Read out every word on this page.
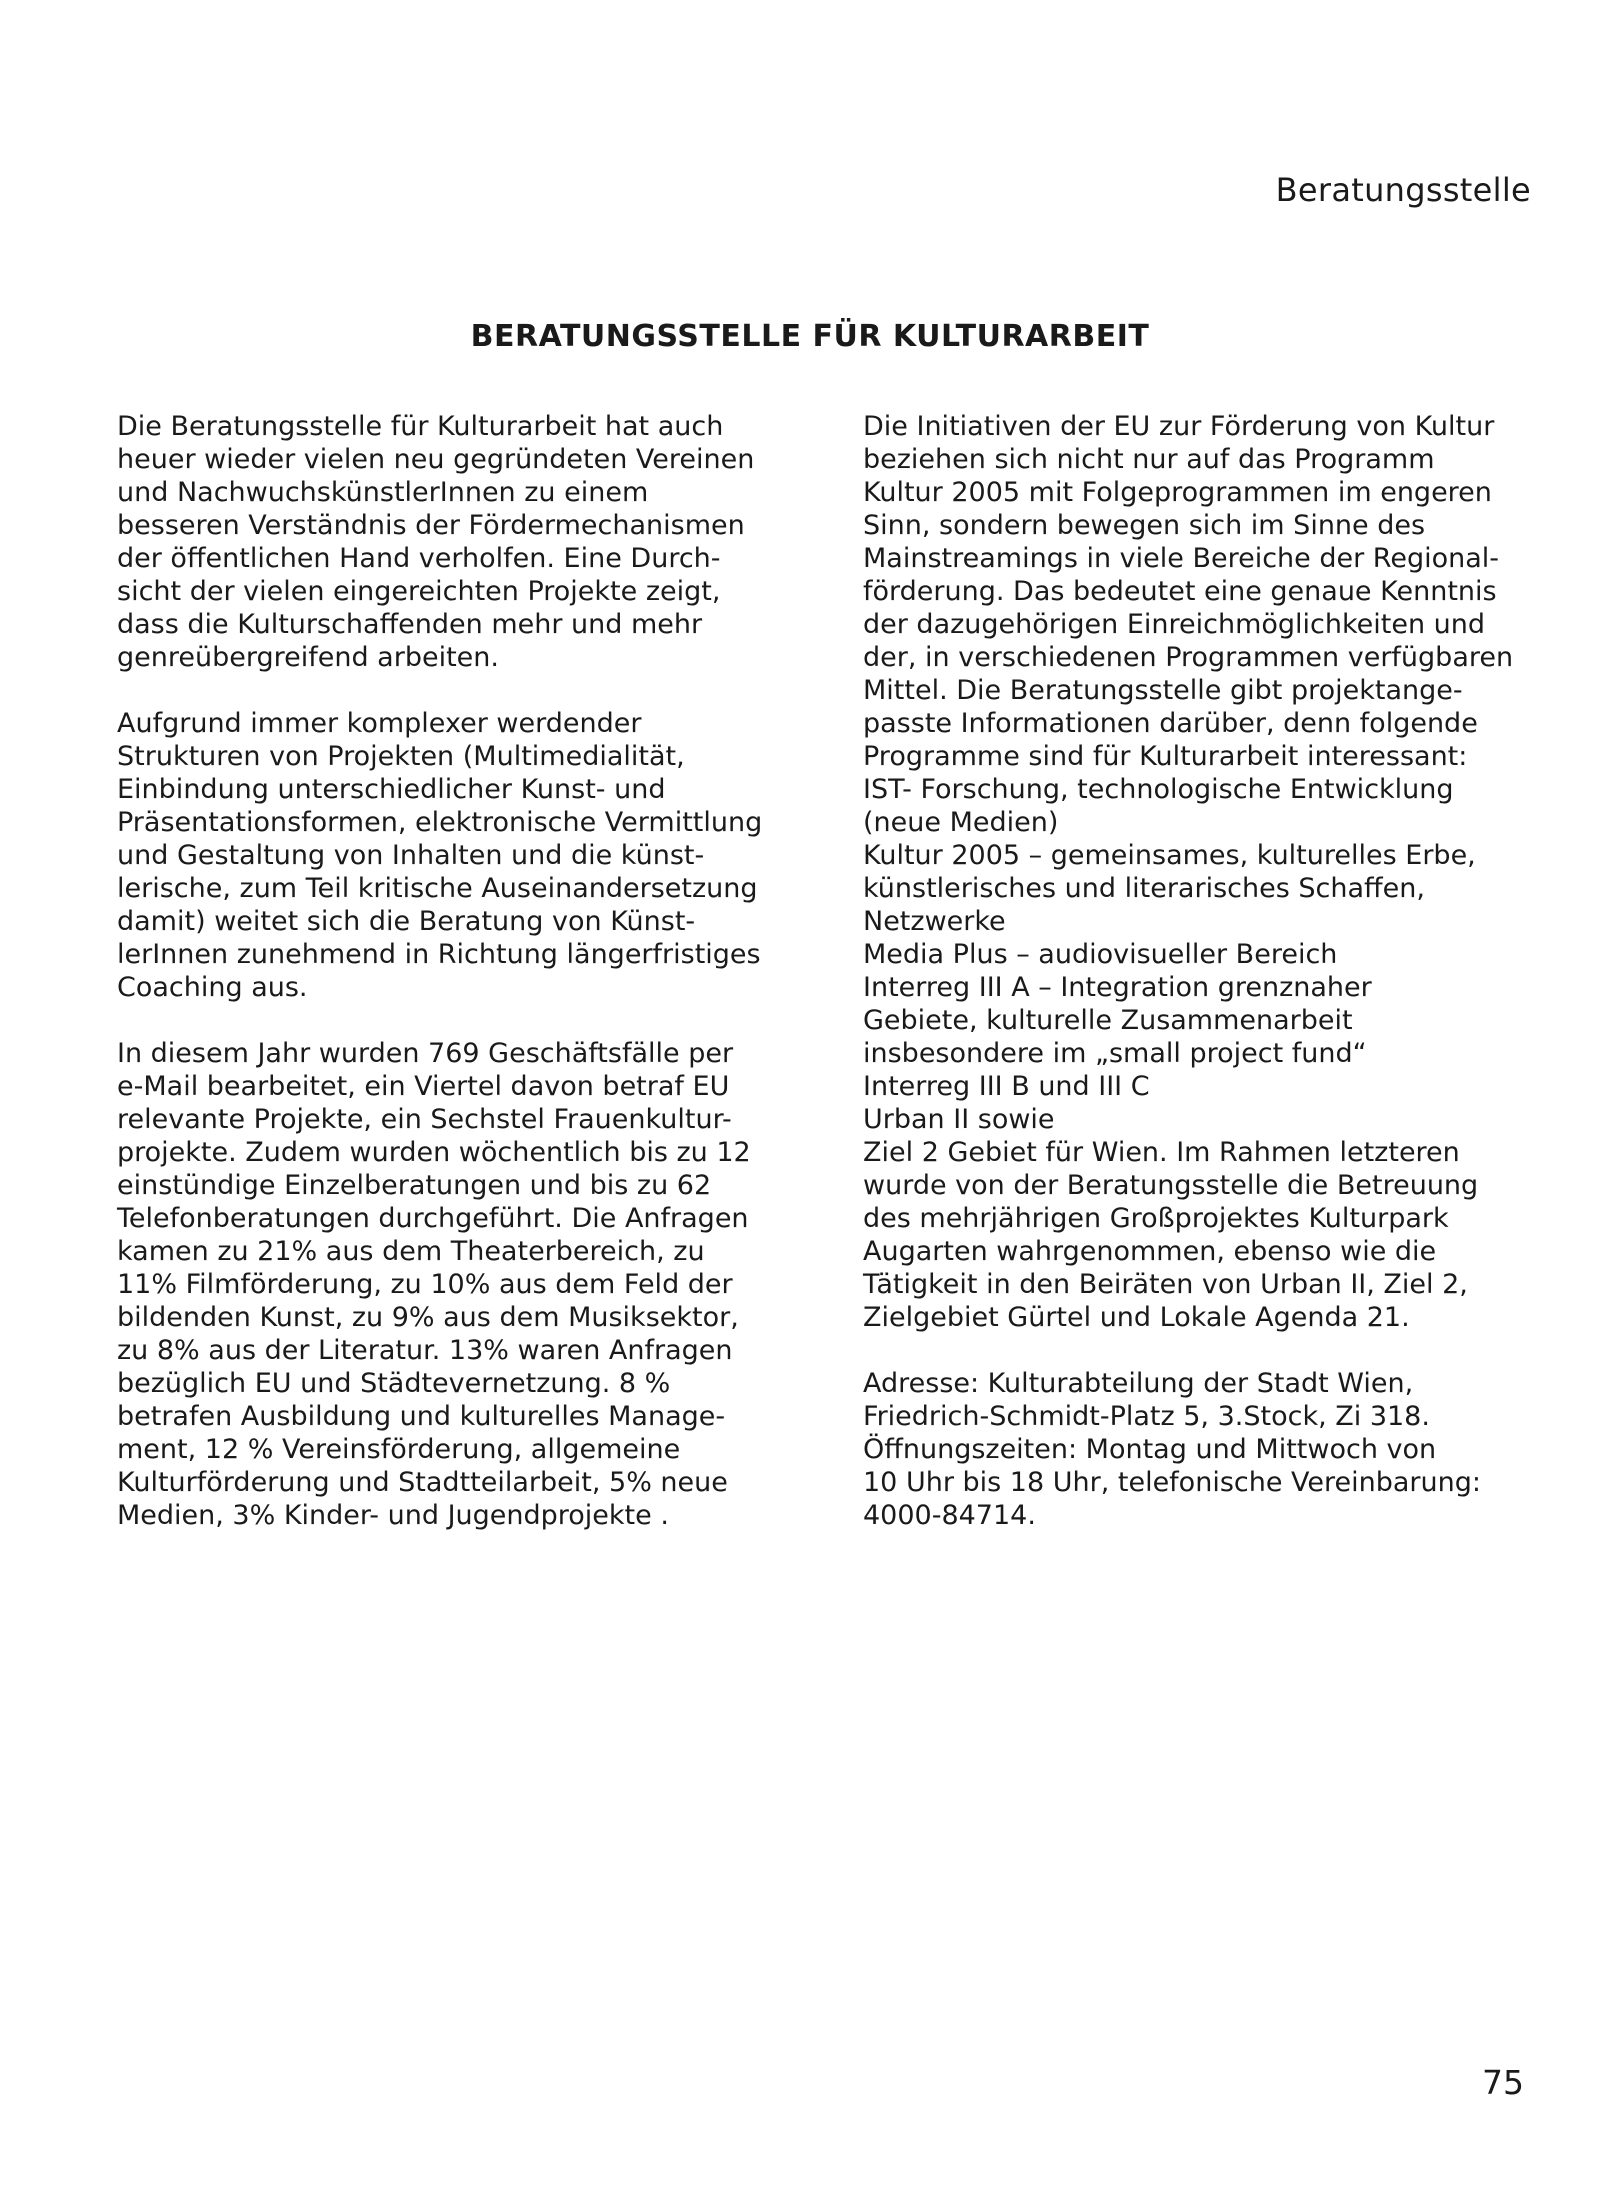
Beratungsstelle
BERATUNGSSTELLE FÜR KULTURARBEIT

Die Beratungsstelle für Kulturarbeit hat auch
heuer wieder vielen neu gegründeten Vereinen
und NachwuchskünstlerInnen zu einem
besseren Verständnis der Fördermechanismen
der öffentlichen Hand verholfen. Eine Durch-
sicht der vielen eingereichten Projekte zeigt,
dass die Kulturschaffenden mehr und mehr
genreübergreifend arbeiten.

Aufgrund immer komplexer werdender
Strukturen von Projekten (Multimedialität,
Einbindung unterschiedlicher Kunst- und
Präsentationsformen, elektronische Vermittlung
und Gestaltung von Inhalten und die künst-
lerische, zum Teil kritische Auseinandersetzung
damit) weitet sich die Beratung von Künst-
lerInnen zunehmend in Richtung längerfristiges
Coaching aus.

In diesem Jahr wurden 769 Geschäftsfälle per
e-Mail bearbeitet, ein Viertel davon betraf EU
relevante Projekte, ein Sechstel Frauenkultur-
projekte. Zudem wurden wöchentlich bis zu 12
einstündige Einzelberatungen und bis zu 62
Telefonberatungen durchgeführt. Die Anfragen
kamen zu 21% aus dem Theaterbereich, zu
11% Filmförderung, zu 10% aus dem Feld der
bildenden Kunst, zu 9% aus dem Musiksektor,
zu 8% aus der Literatur. 13% waren Anfragen
bezüglich EU und Städtevernetzung. 8 %
betrafen Ausbildung und kulturelles Manage-
ment, 12 % Vereinsförderung, allgemeine
Kulturförderung und Stadtteilarbeit, 5% neue
Medien, 3% Kinder- und Jugendprojekte .

Die Initiativen der EU zur Förderung von Kultur
beziehen sich nicht nur auf das Programm
Kultur 2005 mit Folgeprogrammen im engeren
Sinn, sondern bewegen sich im Sinne des
Mainstreamings in viele Bereiche der Regional-
förderung. Das bedeutet eine genaue Kenntnis
der dazugehörigen Einreichmöglichkeiten und
der, in verschiedenen Programmen verfügbaren
Mittel. Die Beratungsstelle gibt projektange-
passte Informationen darüber, denn folgende
Programme sind für Kulturarbeit interessant:
IST- Forschung, technologische Entwicklung
(neue Medien)
Kultur 2005 – gemeinsames, kulturelles Erbe,
künstlerisches und literarisches Schaffen,
Netzwerke
Media Plus – audiovisueller Bereich
Interreg III A – Integration grenznaher
Gebiete, kulturelle Zusammenarbeit
insbesondere im „small project fund“
Interreg III B und III C
Urban II sowie
Ziel 2 Gebiet für Wien. Im Rahmen letzteren
wurde von der Beratungsstelle die Betreuung
des mehrjährigen Großprojektes Kulturpark
Augarten wahrgenommen, ebenso wie die
Tätigkeit in den Beiräten von Urban II, Ziel 2,
Zielgebiet Gürtel und Lokale Agenda 21.

Adresse: Kulturabteilung der Stadt Wien,
Friedrich-Schmidt-Platz 5, 3.Stock, Zi 318.
Öffnungszeiten: Montag und Mittwoch von
10 Uhr bis 18 Uhr, telefonische Vereinbarung:
4000-84714.

75
